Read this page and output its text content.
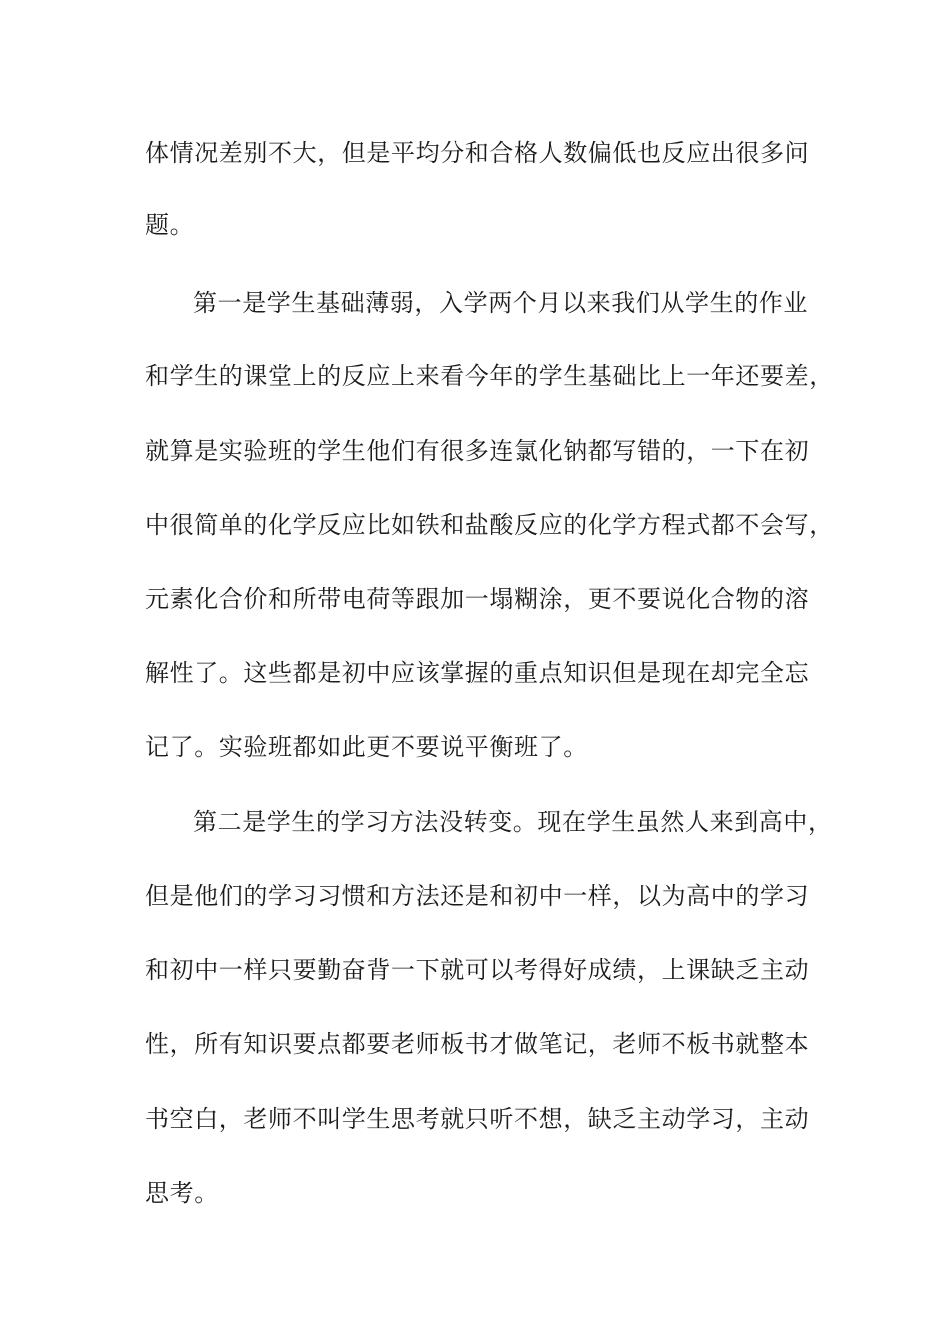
体情况差别不大，但是平均分和合格人数偏低也反应出很多问
题。
第一是学生基础薄弱，入学两个月以来我们从学生的作业
和学生的课堂上的反应上来看今年的学生基础比上一年还要差，
就算是实验班的学生他们有很多连氯化钠都写错的，一下在初
中很简单的化学反应比如铁和盐酸反应的化学方程式都不会写，
元素化合价和所带电荷等跟加一塌糊涂，更不要说化合物的溶
解性了。这些都是初中应该掌握的重点知识但是现在却完全忘
记了。实验班都如此更不要说平衡班了。
第二是学生的学习方法没转变。现在学生虽然人来到高中，
但是他们的学习习惯和方法还是和初中一样，以为高中的学习
和初中一样只要勤奋背一下就可以考得好成绩，上课缺乏主动
性，所有知识要点都要老师板书才做笔记，老师不板书就整本
书空白，老师不叫学生思考就只听不想，缺乏主动学习，主动
思考。
